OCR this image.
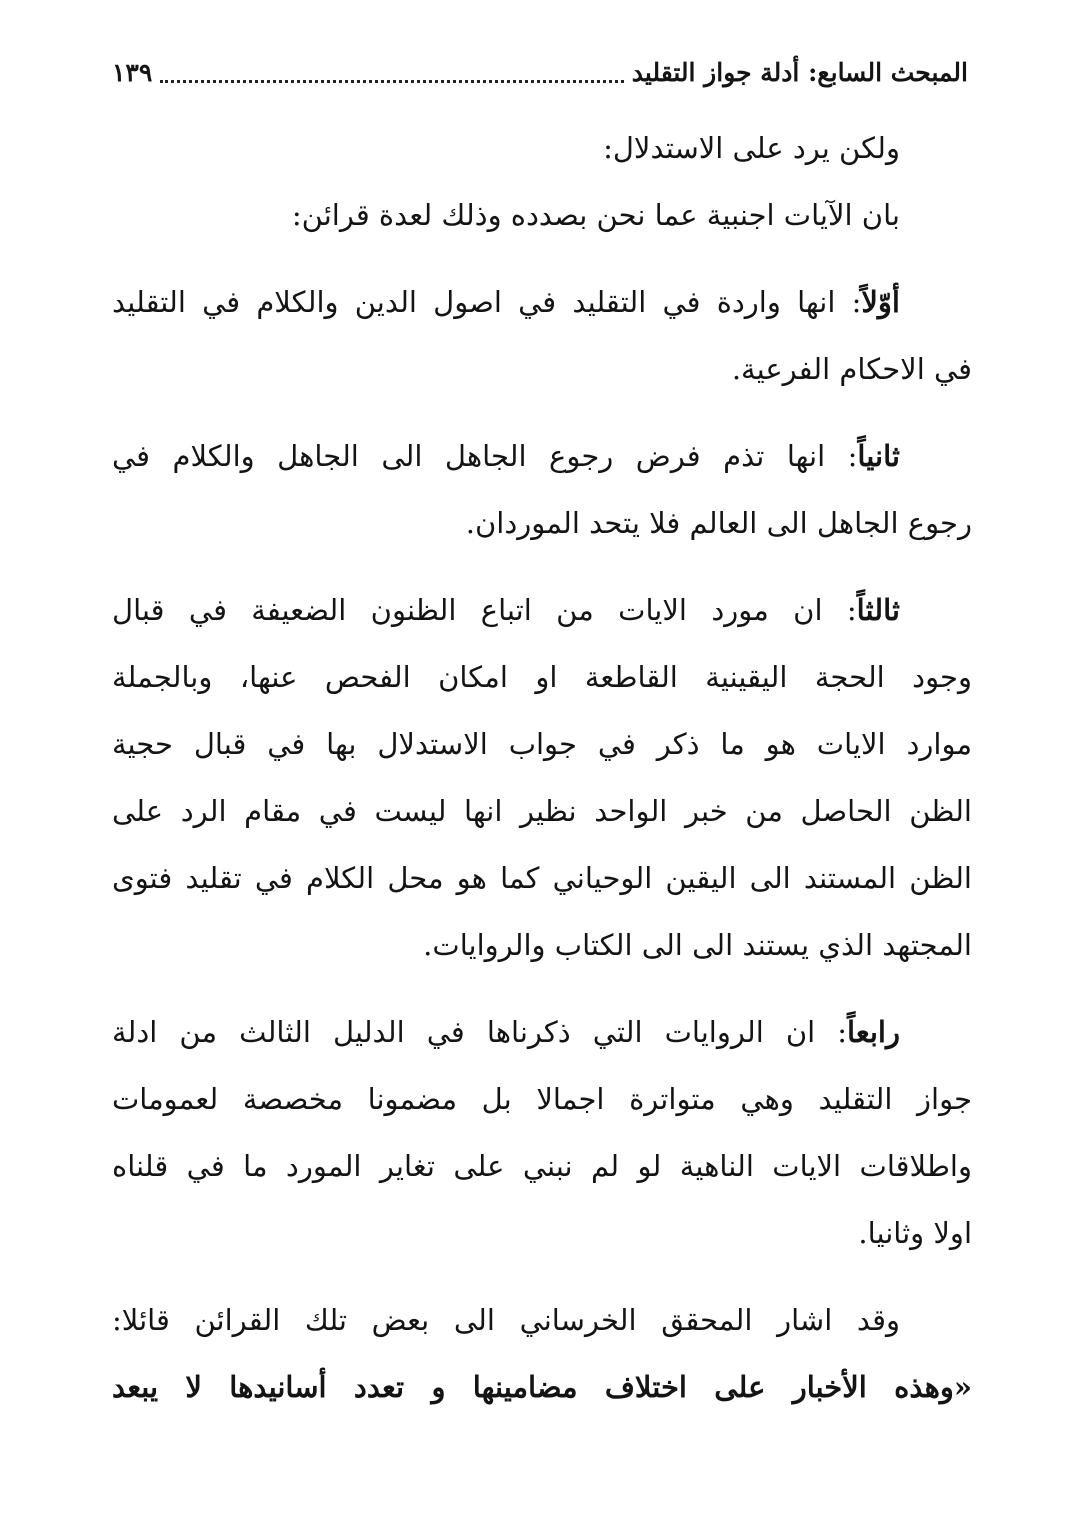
المبحث السابع: أدلة جواز التقليد
١٣٩
ولكن يرد على الاستدلال:
بان الآيات اجنبية عما نحن بصدده وذلك لعدة قرائن:
أوّلاً: انها واردة في التقليد في اصول الدين والكلام في التقليد
في الاحكام الفرعية.
ثانياً: انها تذم فرض رجوع الجاهل الى الجاهل والكلام في
رجوع الجاهل الى العالم فلا يتحد الموردان.
ثالثاً: ان مورد الايات من اتباع الظنون الضعيفة في قبال
وجود الحجة اليقينية القاطعة او امكان الفحص عنها، وبالجملة
موارد الايات هو ما ذكر في جواب الاستدلال بها في قبال حجية
الظن الحاصل من خبر الواحد نظير انها ليست في مقام الرد على
الظن المستند الى اليقين الوحياني كما هو محل الكلام في تقليد فتوى
المجتهد الذي يستند الى الى الكتاب والروايات.
رابعاً: ان الروايات التي ذكرناها في الدليل الثالث من ادلة
جواز التقليد وهي متواترة اجمالا بل مضمونا مخصصة لعمومات
واطلاقات الايات الناهية لو لم نبني على تغاير المورد ما في قلناه
اولا وثانيا.
وقد اشار المحقق الخرساني الى بعض تلك القرائن قائلا:
«وهذه الأخبار على اختلاف مضامينها و تعدد أسانيدها لا يبعد
